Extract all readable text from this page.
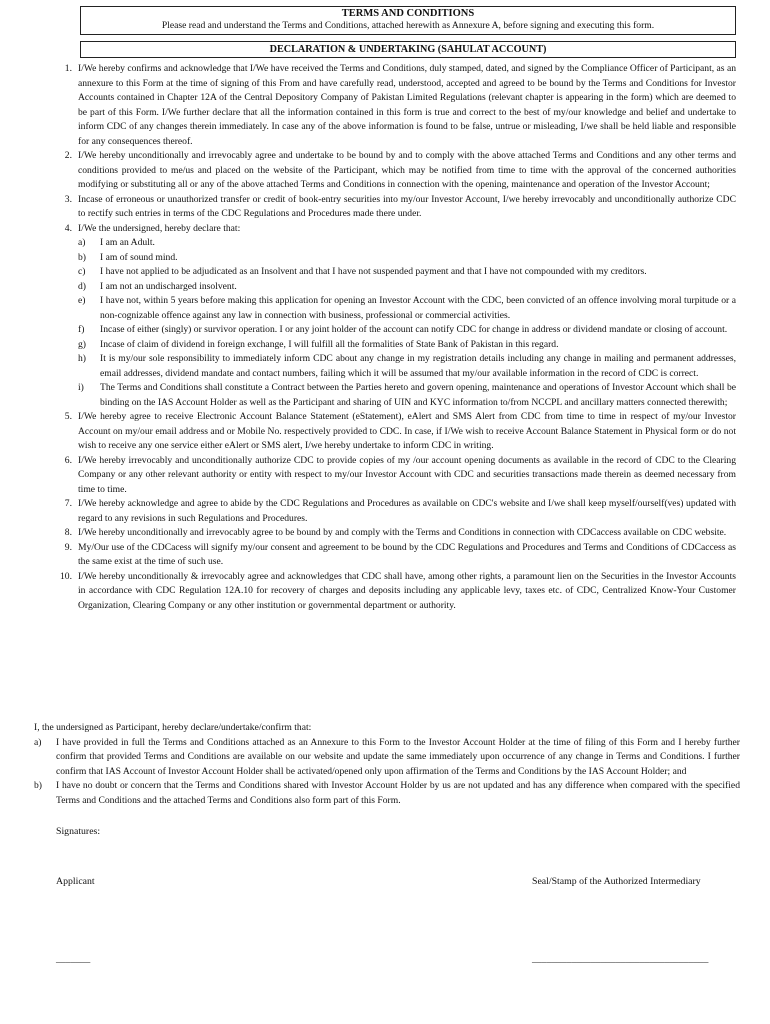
TERMS AND CONDITIONS
Please read and understand the Terms and Conditions, attached herewith as Annexure A, before signing and executing this form.
DECLARATION & UNDERTAKING (SAHULAT ACCOUNT)
1. I/We hereby confirms and acknowledge that I/We have received the Terms and Conditions, duly stamped, dated, and signed by the Compliance Officer of Participant, as an annexure to this Form at the time of signing of this From and have carefully read, understood, accepted and agreed to be bound by the Terms and Conditions for Investor Accounts contained in Chapter 12A of the Central Depository Company of Pakistan Limited Regulations (relevant chapter is appearing in the form) which are deemed to be part of this Form. I/We further declare that all the information contained in this form is true and correct to the best of my/our knowledge and belief and undertake to inform CDC of any changes therein immediately. In case any of the above information is found to be false, untrue or misleading, I/we shall be held liable and responsible for any consequences thereof.
2. I/We hereby unconditionally and irrevocably agree and undertake to be bound by and to comply with the above attached Terms and Conditions and any other terms and conditions provided to me/us and placed on the website of the Participant, which may be notified from time to time with the approval of the concerned authorities modifying or substituting all or any of the above attached Terms and Conditions in connection with the opening, maintenance and operation of the Investor Account;
3. Incase of erroneous or unauthorized transfer or credit of book-entry securities into my/our Investor Account, I/we hereby irrevocably and unconditionally authorize CDC to rectify such entries in terms of the CDC Regulations and Procedures made there under.
4. I/We the undersigned, hereby declare that:
a)	I am an Adult.
b)	I am of sound mind.
c)	I have not applied to be adjudicated as an Insolvent and that I have not suspended payment and that I have not compounded with my creditors.
d)	I am not an undischarged insolvent.
e)	I have not, within 5 years before making this application for opening an Investor Account with the CDC, been convicted of an offence involving moral turpitude or a non-cognizable offence against any law in connection with business, professional or commercial activities.
f)	Incase of either (singly) or survivor operation. I or any joint holder of the account can notify CDC for change in address or dividend mandate or closing of account.
g)	Incase of claim of dividend in foreign exchange, I will fulfill all the formalities of State Bank of Pakistan in this regard.
h)	It is my/our sole responsibility to immediately inform CDC about any change in my registration details including any change in mailing and permanent addresses, email addresses, dividend mandate and contact numbers, failing which it will be assumed that my/our available information in the record of CDC is correct.
i)	The Terms and Conditions shall constitute a Contract between the Parties hereto and govern opening, maintenance and operations of Investor Account which shall be binding on the IAS Account Holder as well as the Participant and sharing of UIN and KYC information to/from NCCPL and ancillary matters connected therewith;
5. I/We hereby agree to receive Electronic Account Balance Statement (eStatement), eAlert and SMS Alert from CDC from time to time in respect of my/our Investor Account on my/our email address and or Mobile No. respectively provided to CDC. In case, if I/We wish to receive Account Balance Statement in Physical form or do not wish to receive any one service either eAlert or SMS alert, I/we hereby undertake to inform CDC in writing.
6. I/We hereby irrevocably and unconditionally authorize CDC to provide copies of my /our account opening documents as available in the record of CDC to the Clearing Company or any other relevant authority or entity with respect to my/our Investor Account with CDC and securities transactions made therein as deemed necessary from time to time.
7. I/We hereby acknowledge and agree to abide by the CDC Regulations and Procedures as available on CDC's website and I/we shall keep myself/ourself(ves) updated with regard to any revisions in such Regulations and Procedures.
8. I/We hereby unconditionally and irrevocably agree to be bound by and comply with the Terms and Conditions in connection with CDCaccess available on CDC website.
9. My/Our use of the CDCacess will signify my/our consent and agreement to be bound by the CDC Regulations and Procedures and Terms and Conditions of CDCaccess as the same exist at the time of such use.
10. I/We hereby unconditionally & irrevocably agree and acknowledges that CDC shall have, among other rights, a paramount lien on the Securities in the Investor Accounts in accordance with CDC Regulation 12A.10 for recovery of charges and deposits including any applicable levy, taxes etc. of CDC, Centralized Know-Your Customer Organization, Clearing Company or any other institution or governmental department or authority.
I, the undersigned as Participant, hereby declare/undertake/confirm that:
a)	I have provided in full the Terms and Conditions attached as an Annexure to this Form to the Investor Account Holder at the time of filing of this Form and I hereby further confirm that provided Terms and Conditions are available on our website and update the same immediately upon occurrence of any change in Terms and Conditions. I further confirm that IAS Account of Investor Account Holder shall be activated/opened only upon affirmation of the Terms and Conditions by the IAS Account Holder; and
b)	I have no doubt or concern that the Terms and Conditions shared with Investor Account Holder by us are not updated and has any difference when compared with the specified Terms and Conditions and the attached Terms and Conditions also form part of this Form.
Signatures:
Applicant	Seal/Stamp of the Authorized Intermediary
_______	____________________________________
